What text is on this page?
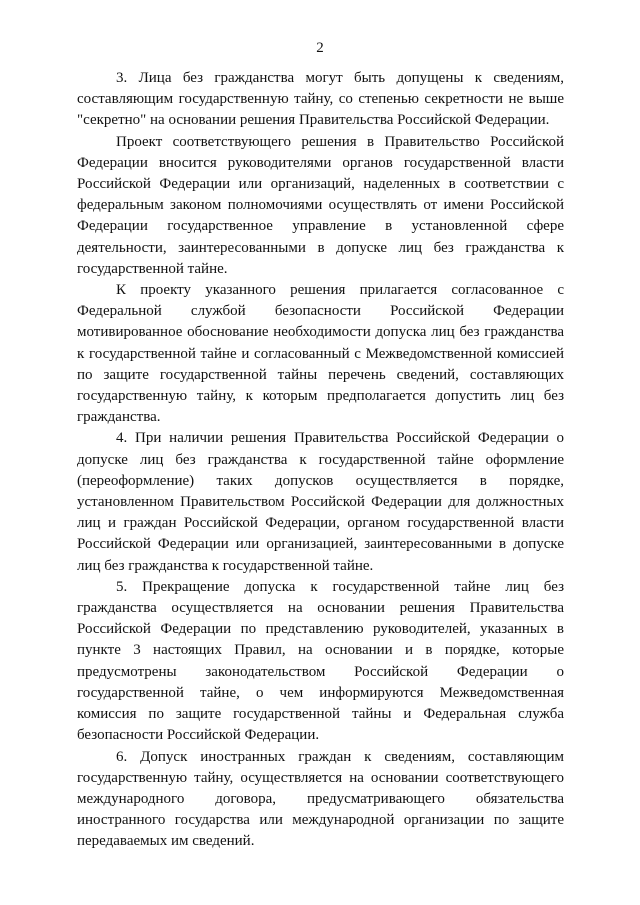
2

3. Лица без гражданства могут быть допущены к сведениям, составляющим государственную тайну, со степенью секретности не выше "секретно" на основании решения Правительства Российской Федерации.

Проект соответствующего решения в Правительство Российской Федерации вносится руководителями органов государственной власти Российской Федерации или организаций, наделенных в соответствии с федеральным законом полномочиями осуществлять от имени Российской Федерации государственное управление в установленной сфере деятельности, заинтересованными в допуске лиц без гражданства к государственной тайне.

К проекту указанного решения прилагается согласованное с Федеральной службой безопасности Российской Федерации мотивированное обоснование необходимости допуска лиц без гражданства к государственной тайне и согласованный с Межведомственной комиссией по защите государственной тайны перечень сведений, составляющих государственную тайну, к которым предполагается допустить лиц без гражданства.

4. При наличии решения Правительства Российской Федерации о допуске лиц без гражданства к государственной тайне оформление (переоформление) таких допусков осуществляется в порядке, установленном Правительством Российской Федерации для должностных лиц и граждан Российской Федерации, органом государственной власти Российской Федерации или организацией, заинтересованными в допуске лиц без гражданства к государственной тайне.

5. Прекращение допуска к государственной тайне лиц без гражданства осуществляется на основании решения Правительства Российской Федерации по представлению руководителей, указанных в пункте 3 настоящих Правил, на основании и в порядке, которые предусмотрены законодательством Российской Федерации о государственной тайне, о чем информируются Межведомственная комиссия по защите государственной тайны и Федеральная служба безопасности Российской Федерации.

6. Допуск иностранных граждан к сведениям, составляющим государственную тайну, осуществляется на основании соответствующего международного договора, предусматривающего обязательства иностранного государства или международной организации по защите передаваемых им сведений.
